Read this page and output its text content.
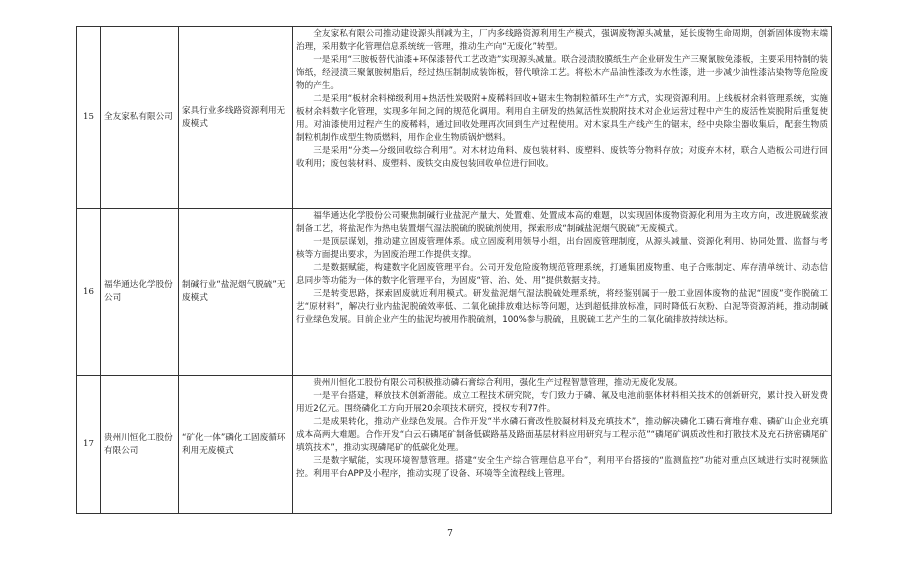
15	全友家私有限公司	家具行业多线路资源利用无废模式	全友家私有限公司推动建设源头削减为主，厂内多线路资源利用生产模式，强调废物源头减量，延长废物生命周期，创新固体废物末端治理，采用数字化管理信息系统统一管理，推动生产向“无废化”转型。

一是采用“三胺板替代油漆+环保漆替代工艺改造”实现源头减量。联合浸渍胶膜纸生产企业研发生产三聚氰胺免漆板，主要采用特制的装饰纸，经浸渍三聚氰胺树脂后，经过热压制制成装饰板，替代喷涂工艺。将松木产品油性漆改为水性漆，进一步减少油性漆沾染物等危险废物的产生。

二是采用“板材余料梯级利用+热活性炭吸附+废稀料回收+锯末生物制粒循环生产”方式，实现资源利用。上线板材余料管理系统，实施板材余料数字化管理，实现多年间之间的规范化调用。利用自主研发的热氮活性炭脱附技术对企业运营过程中产生的废活性炭脱附后重复使用。对油漆使用过程产生的废稀料，通过回收处理再次回到生产过程使用。对木家具生产线产生的锯末，经中央除尘器收集后，配套生物质制粒机制作成型生物质燃料，用作企业生物质锅炉燃料。

三是采用“分类—分级回收综合利用”。对木材边角料、废包装材料、废塑料、废铁等分物料存放；对废弃木材，联合人造板公司进行回收利用；废包装材料、废塑料、废铁交由废包装回收单位进行回收。

16	福华通达化学股份公司	制碱行业“盐泥烟气脱硫”无废模式	福华通达化学股份公司聚焦制碱行业盐泥产量大、处置难、处置成本高的难题，以实现固体废物资源化利用为主攻方向，改进脱硫浆液制备工艺，将盐泥作为热电装置烟气湿法脱硫的脱硫剂使用，探索形成“制碱盐泥烟气脱硫”无废模式。

一是顶层谋划，推动建立固废管理体系。成立固废利用领导小组，出台固废管理制度，从源头减量、资源化利用、协同处置、监督与考核等方面提出要求，为固废治理工作提供支撑。

二是数据赋能，构建数字化固废管理平台。公司开发危险废物规范管理系统，打通集团废物重、电子合账制定、库存清单统计、动态信息同步等功能为一体的数字化管理平台，为固废“管、治、处、用”提供数据支持。

三是转变思路，探索固废就近利用模式。研发盐泥烟气湿法脱硫处理系统，将经鉴别属于一般工业固体废物的盐泥“固废”变作脱硫工艺“原材料”，解决行业内盐泥脱硫效率低、二氧化硫排放难达标等问题，达到超低排放标准，同时降低石灰粉、白泥等资源消耗，推动制碱行业绿色发展。目前企业产生的盐泥均被用作脱硫剂，100%参与脱硫，且脱硫工艺产生的二氧化硫排放持续达标。

17	贵州川恒化工股份有限公司	“矿化一体”磷化工固废循环利用无废模式	贵州川恒化工股份有限公司积极推动磷石膏综合利用，强化生产过程智慧管理，推动无废化发展。

一是平台搭建，释放技术创新潜能。成立工程技术研究院，专门致力于磷、氟及电池前驱体材料相关技术的创新研究，累计投入研发费用近2亿元。围绕磷化工方向开展20余项技术研究，授权专利77件。

二是成果转化，推动产业绿色发展。合作开发“半水磷石膏改性胶凝材料及充填技术”，推动解决磷化工磷石膏堆存难、磷矿山企业充填成本高两大难题。合作开发“白云石磷尾矿制备低碳路基及路面基层材料应用研究与工程示范”“磷尾矿调质改性和打散技术及充石挤密磷尾矿填筑技术”，推动实现磷尾矿的低碳化处理。

三是数字赋能，实现环境智慧管理。搭建“安全生产综合管理信息平台”，利用平台搭接的“监测监控”功能对重点区域进行实时视频监控。利用平台APP及小程序，推动实现了设备、环境等全流程线上管理。

7
